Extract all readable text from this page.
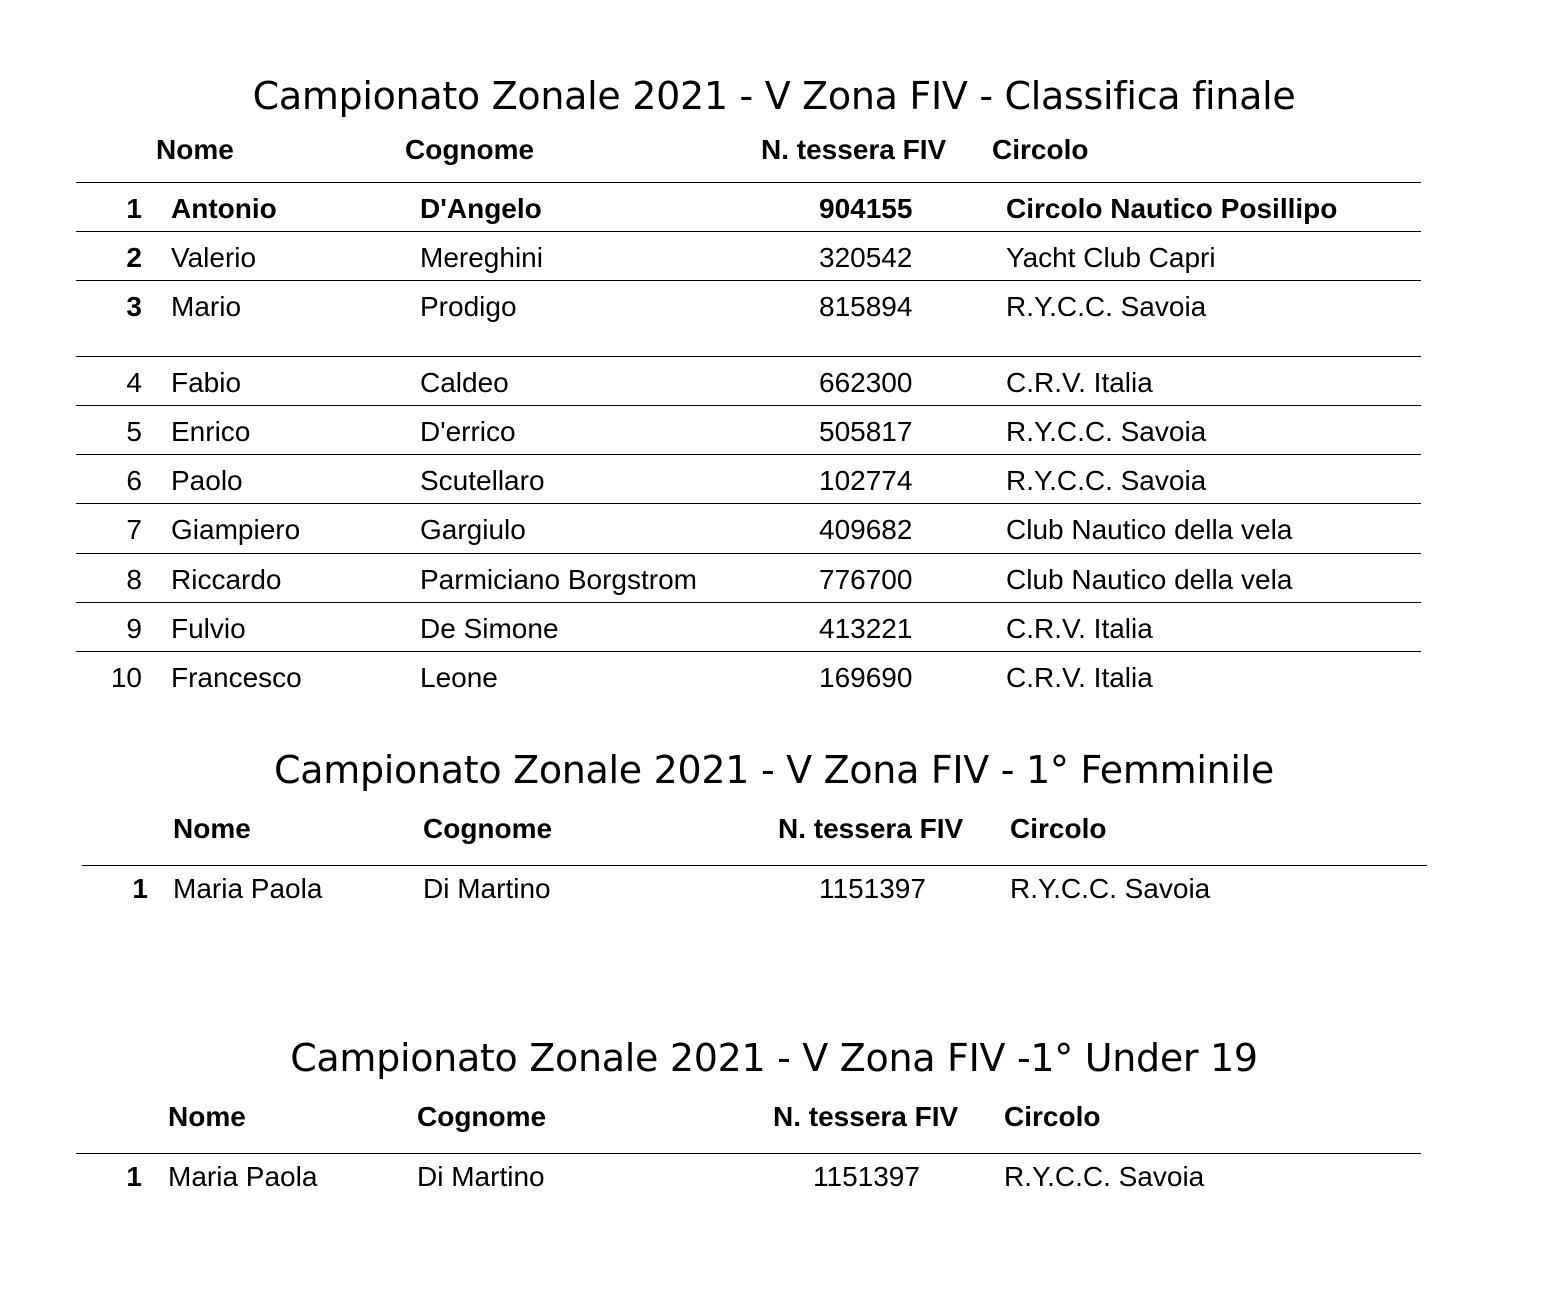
Campionato Zonale 2021 - V Zona FIV - Classifica finale
Nome	Cognome	N. tessera FIV Circolo
1 Antonio	D'Angelo	904155	Circolo Nautico Posillipo
2 Valerio	Mereghini	320542	Yacht Club Capri
3 Mario	Prodigo	815894	R.Y.C.C. Savoia
4 Fabio	Caldeo	662300	C.R.V. Italia
5 Enrico	D'errico	505817	R.Y.C.C. Savoia
6 Paolo	Scutellaro	102774	R.Y.C.C. Savoia
7 Giampiero	Gargiulo	409682	Club Nautico della vela
8 Riccardo	Parmiciano Borgstrom	776700	Club Nautico della vela
9 Fulvio	De Simone	413221	C.R.V. Italia
10 Francesco	Leone	169690	C.R.V. Italia
Campionato Zonale 2021 - V Zona FIV - 1° Femminile
Nome	Cognome	N. tessera FIV Circolo
1 Maria Paola	Di Martino	1151397	R.Y.C.C. Savoia
Campionato Zonale 2021 - V Zona FIV -1° Under 19
Nome	Cognome	N. tessera FIV Circolo
1 Maria Paola	Di Martino	1151397	R.Y.C.C. Savoia
